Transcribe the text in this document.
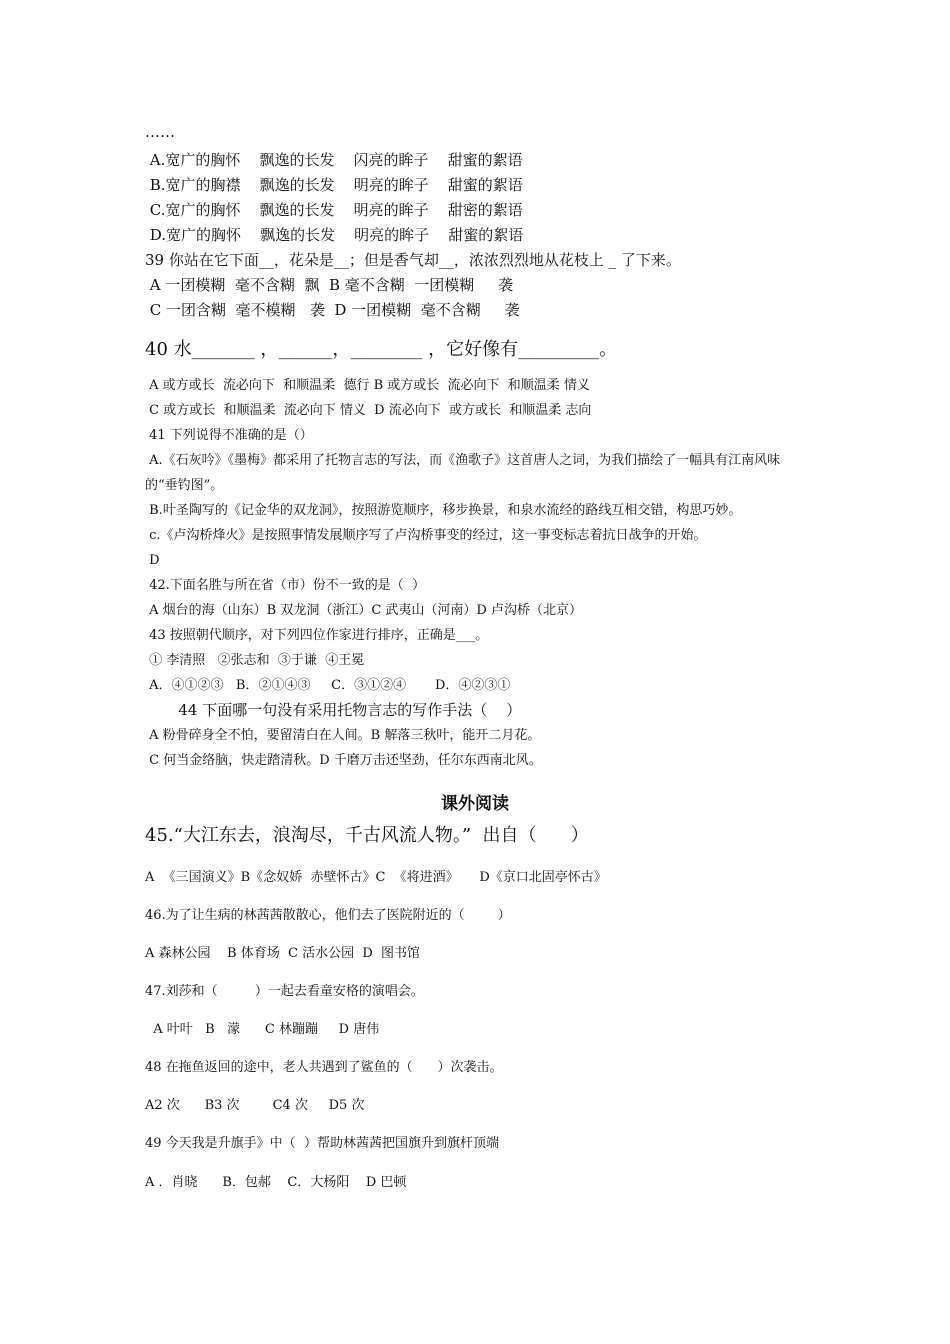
……
A.宽广的胸怀    飘逸的长发    闪亮的眸子    甜蜜的絮语
B.宽广的胸襟    飘逸的长发    明亮的眸子    甜蜜的絮语
C.宽广的胸怀    飘逸的长发    明亮的眸子    甜密的絮语
D.宽广的胸怀    飘逸的长发    明亮的眸子    甜蜜的絮语
39 你站在它下面__，花朵是__；但是香气却__，浓浓烈烈地从花枝上 _ 了下来。
A 一团模糊  毫不含糊  飘  B 毫不含糊  一团模糊     袭
C 一团含糊  毫不模糊   袭  D 一团模糊  毫不含糊     袭
40 水_______ ，______，________ ，它好像有_________。
A 或方或长  流必向下  和顺温柔  德行 B 或方或长  流必向下  和顺温柔 情义
C 或方或长  和顺温柔  流必向下 情义  D 流必向下  或方或长  和顺温柔 志向
41 下列说得不准确的是（）
A.《石灰吟》《墨梅》都采用了托物言志的写法，而《渔歌子》这首唐人之词，为我们描绘了一幅具有江南风味
的“垂钓图”。
B.叶圣陶写的《记金华的双龙洞》，按照游览顺序，移步换景，和泉水流经的路线互相交错，构思巧妙。
c.《卢沟桥烽火》是按照事情发展顺序写了卢沟桥事变的经过，这一事变标志着抗日战争的开始。
D
42.下面名胜与所在省（市）份不一致的是（  ）
A 烟台的海（山东）B 双龙洞（浙江）C 武夷山（河南）D 卢沟桥（北京）
43 按照朝代顺序，对下列四位作家进行排序，正确是___。
① 李清照   ②张志和  ③于谦  ④王冕
A．④①②③   B．②①④③     C．③①②④       D．④②③①
44 下面哪一句没有采用托物言志的写作手法（    ）
A 粉骨碎身全不怕，要留清白在人间。B 解落三秋叶，能开二月花。
C 何当金络脑，快走踏清秋。D 千磨万击还坚劲，任尔东西南北风。
课外阅读
45.“大江东去，浪淘尽，千古风流人物。”  出自（      ）
A  《三国演义》B《念奴娇  赤壁怀古》C  《将进酒》     D《京口北固亭怀古》
46.为了让生病的林茜茜散散心，他们去了医院附近的（        ）
A 森林公园    B 体育场  C 活水公园  D  图书馆
47.刘莎和（         ）一起去看童安格的演唱会。
A 叶叶   B   濛      C 林蹦蹦     D 唐伟
48 在拖鱼返回的途中，老人共遇到了鲨鱼的（      ）次袭击。
A2 次      B3 次        C4 次     D5 次
49 今天我是升旗手》中（  ）帮助林茜茜把国旗升到旗杆顶端
A ．肖晓      B．包郝    C．大杨阳    D 巴顿
